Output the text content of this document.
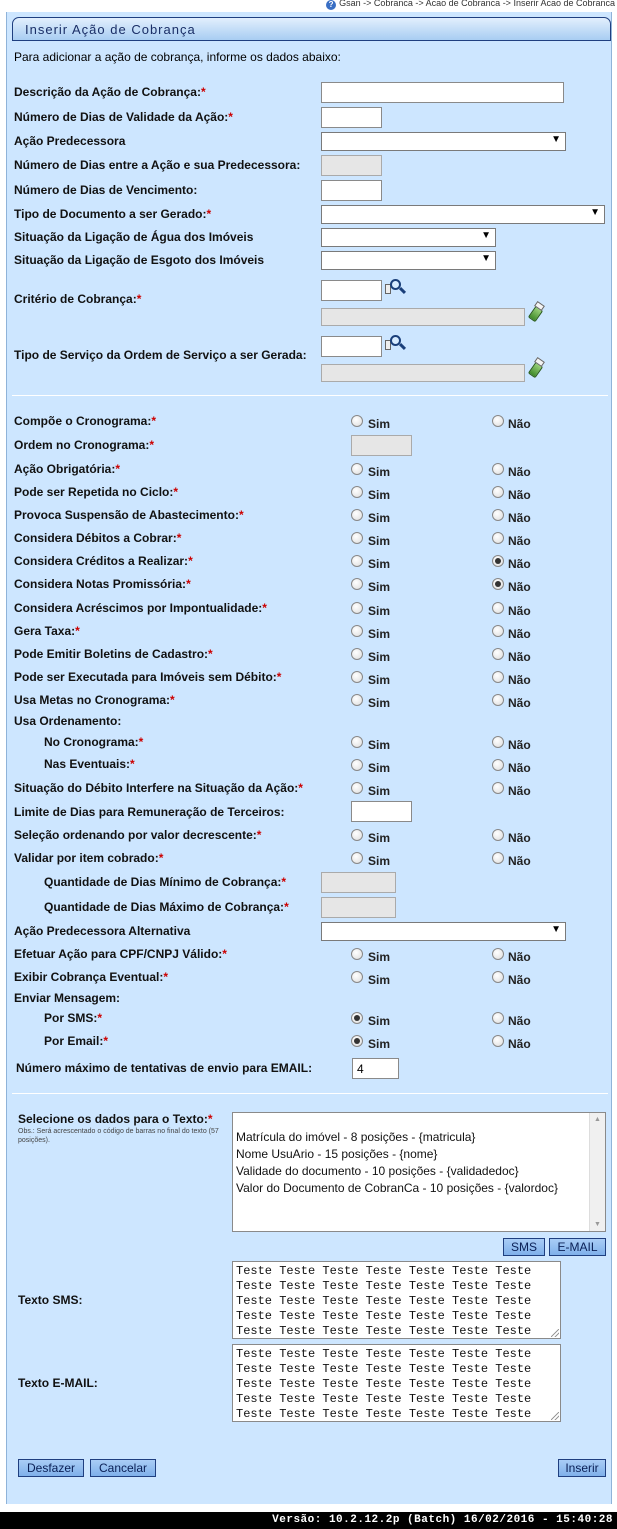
? Gsan -> Cobranca -> Acao de Cobranca -> Inserir Acao de Cobranca
Inserir Ação de Cobrança
Para adicionar a ação de cobrança, informe os dados abaixo:
Descrição da Ação de Cobrança:*
Número de Dias de Validade da Ação:*
Ação Predecessora	▼
Número de Dias entre a Ação e sua Predecessora:
Número de Dias de Vencimento:
Tipo de Documento a ser Gerado:*	▼
Situação da Ligação de Água dos Imóveis	▼
Situação da Ligação de Esgoto dos Imóveis	▼
Critério de Cobrança:*
Tipo de Serviço da Ordem de Serviço a ser Gerada:
Compõe o Cronograma:*	Sim	Não
Ordem no Cronograma:*
Ação Obrigatória:*	Sim	Não
Pode ser Repetida no Ciclo:*	Sim	Não
Provoca Suspensão de Abastecimento:*	Sim	Não
Considera Débitos a Cobrar:*	Sim	Não
Considera Créditos a Realizar:*	Sim	Não
Considera Notas Promissória:*	Sim	Não
Considera Acréscimos por Impontualidade:*	Sim	Não
Gera Taxa:*	Sim	Não
Pode Emitir Boletins de Cadastro:*	Sim	Não
Pode ser Executada para Imóveis sem Débito:*	Sim	Não
Usa Metas no Cronograma:*	Sim	Não
Usa Ordenamento:
No Cronograma:*	Sim	Não
Nas Eventuais:*	Sim	Não
Situação do Débito Interfere na Situação da Ação:*	Sim	Não
Limite de Dias para Remuneração de Terceiros:
Seleção ordenando por valor decrescente:*	Sim	Não
Validar por item cobrado:*	Sim	Não
Quantidade de Dias Mínimo de Cobrança:*
Quantidade de Dias Máximo de Cobrança:*
Ação Predecessora Alternativa	▼
Efetuar Ação para CPF/CNPJ Válido:*	Sim	Não
Exibir Cobrança Eventual:*	Sim	Não
Enviar Mensagem:
Por SMS:*	Sim	Não
Por Email:*	Sim	Não
Número máximo de tentativas de envio para EMAIL:	4
Selecione os dados para o Texto:*
Obs.: Será acrescentado o código de barras no final do texto (57 posições).	Matrícula do imóvel - 8 posições - {matricula}
Nome UsuArio - 15 posições - {nome}
Validade do documento - 10 posições - {validadedoc}
Valor do Documento de CobranCa - 10 posições - {valordoc}
▲
▼
SMS	E-MAIL
Texto SMS:
Teste Teste Teste Teste Teste Teste Teste
Teste Teste Teste Teste Teste Teste Teste
Teste Teste Teste Teste Teste Teste Teste
Teste Teste Teste Teste Teste Teste Teste
Teste Teste Teste Teste Teste Teste Teste
Texto E-MAIL:
Teste Teste Teste Teste Teste Teste Teste
Teste Teste Teste Teste Teste Teste Teste
Teste Teste Teste Teste Teste Teste Teste
Teste Teste Teste Teste Teste Teste Teste
Teste Teste Teste Teste Teste Teste Teste
Desfazer	Cancelar	Inserir
Versão: 10.2.12.2p (Batch) 16/02/2016 - 15:40:28
